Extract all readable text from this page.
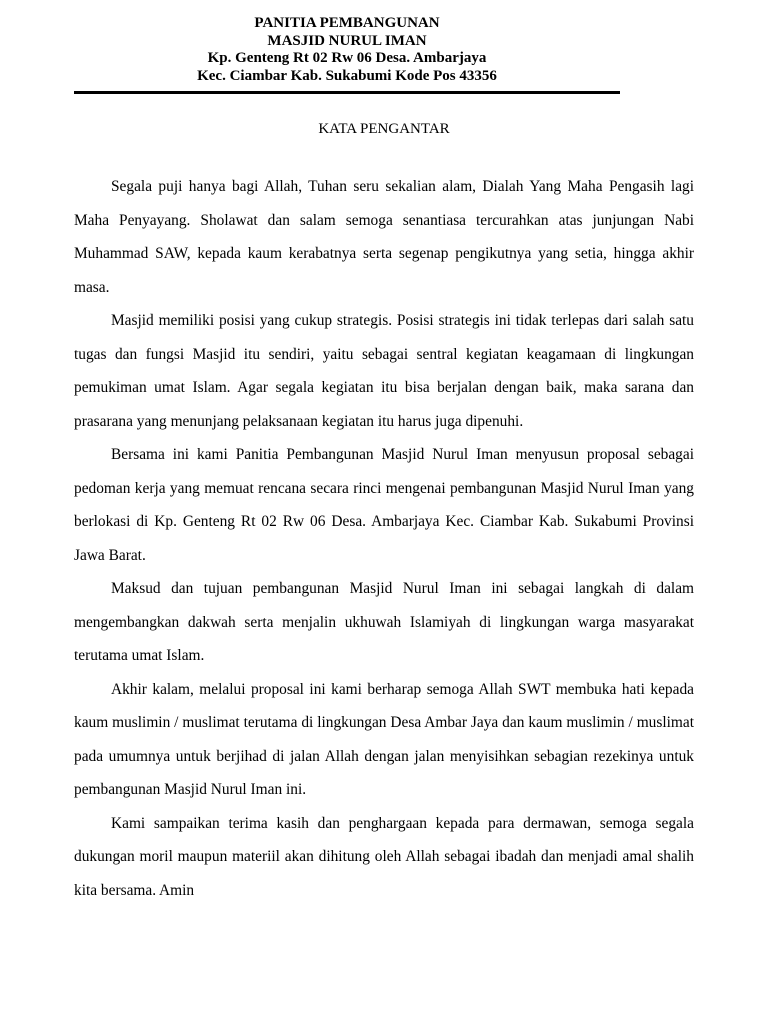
PANITIA PEMBANGUNAN
MASJID NURUL IMAN
Kp. Genteng Rt 02 Rw 06 Desa. Ambarjaya
Kec. Ciambar Kab. Sukabumi Kode Pos 43356
KATA PENGANTAR

Segala puji hanya bagi Allah, Tuhan seru sekalian alam, Dialah Yang Maha Pengasih lagi Maha Penyayang. Sholawat dan salam semoga senantiasa tercurahkan atas junjungan Nabi Muhammad SAW, kepada kaum kerabatnya serta segenap pengikutnya yang setia, hingga akhir masa.

Masjid memiliki posisi yang cukup strategis. Posisi strategis ini tidak terlepas dari salah satu tugas dan fungsi Masjid itu sendiri, yaitu sebagai sentral kegiatan keagamaan di lingkungan pemukiman umat Islam. Agar segala kegiatan itu bisa berjalan dengan baik, maka sarana dan prasarana yang menunjang pelaksanaan kegiatan itu harus juga dipenuhi.

Bersama ini kami Panitia Pembangunan Masjid Nurul Iman menyusun proposal sebagai pedoman kerja yang memuat rencana secara rinci mengenai pembangunan Masjid Nurul Iman yang berlokasi di Kp. Genteng Rt 02 Rw 06 Desa. Ambarjaya Kec. Ciambar Kab. Sukabumi Provinsi Jawa Barat.

Maksud dan tujuan pembangunan Masjid Nurul Iman ini sebagai langkah di dalam mengembangkan dakwah serta menjalin ukhuwah Islamiyah di lingkungan warga masyarakat terutama umat Islam.

Akhir kalam, melalui proposal ini kami berharap semoga Allah SWT membuka hati kepada kaum muslimin / muslimat terutama di lingkungan Desa Ambar Jaya dan kaum muslimin / muslimat pada umumnya untuk berjihad di jalan Allah dengan jalan menyisihkan sebagian rezekinya untuk pembangunan Masjid Nurul Iman ini.

Kami sampaikan terima kasih dan penghargaan kepada para dermawan, semoga segala dukungan moril maupun materiil akan dihitung oleh Allah sebagai ibadah dan menjadi amal shalih kita bersama. Amin
